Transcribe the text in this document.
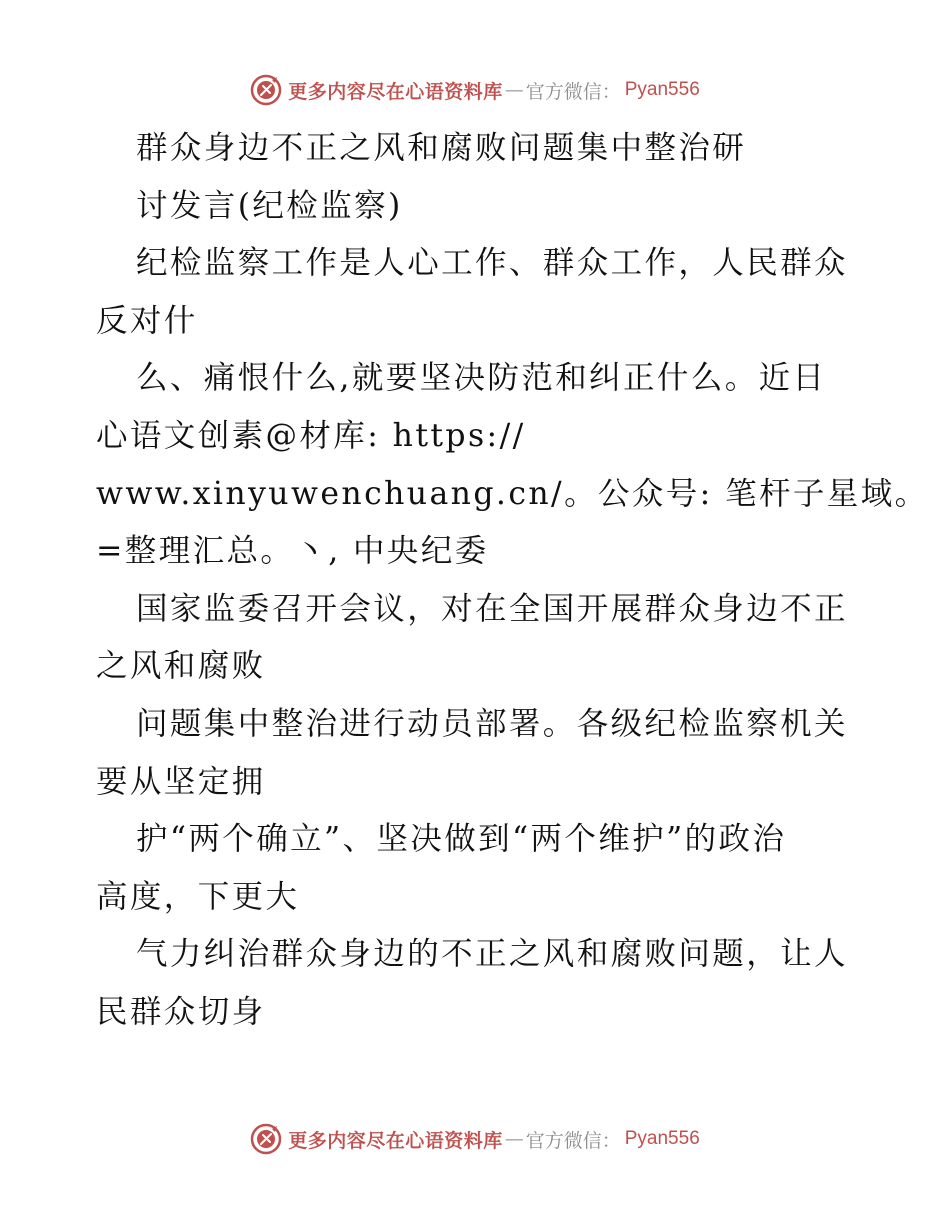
更多内容尽在心语资料库 — 官方微信： Pyan556
群众身边不正之风和腐败问题集中整治研
讨发言(纪检监察)
纪检监察工作是人心工作、群众工作，人民群众
反对什
么、痛恨什么,就要坚决防范和纠正什么。近日
心语文创素@材库: https://
www.xinyuwenchuang.cn/。公众号: 笔杆子星域。
=整理汇总。丶, 中央纪委
国家监委召开会议，对在全国开展群众身边不正
之风和腐败
问题集中整治进行动员部署。各级纪检监察机关
要从坚定拥
护“两个确立”、坚决做到“两个维护”的政治
高度，下更大
气力纠治群众身边的不正之风和腐败问题，让人
民群众切身
更多内容尽在心语资料库 — 官方微信： Pyan556
